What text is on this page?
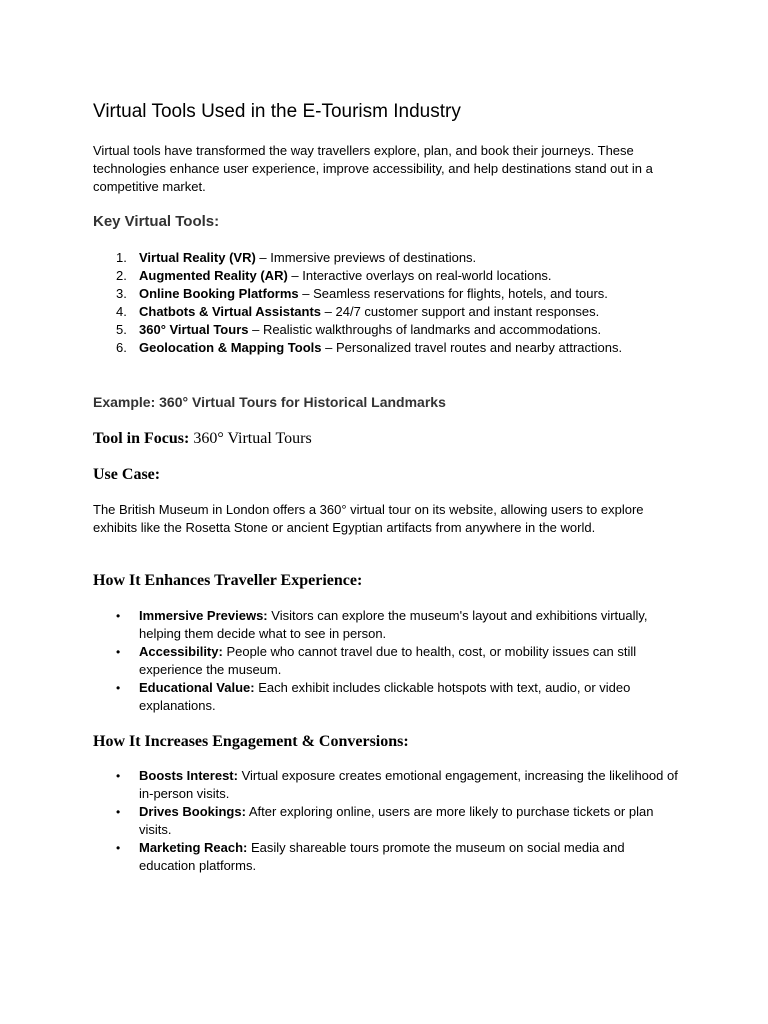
Virtual Tools Used in the E-Tourism Industry

Virtual tools have transformed the way travellers explore, plan, and book their journeys. These technologies enhance user experience, improve accessibility, and help destinations stand out in a competitive market.

Key Virtual Tools:
1. Virtual Reality (VR) – Immersive previews of destinations.
2. Augmented Reality (AR) – Interactive overlays on real-world locations.
3. Online Booking Platforms – Seamless reservations for flights, hotels, and tours.
4. Chatbots & Virtual Assistants – 24/7 customer support and instant responses.
5. 360° Virtual Tours – Realistic walkthroughs of landmarks and accommodations.
6. Geolocation & Mapping Tools – Personalized travel routes and nearby attractions.
Example: 360° Virtual Tours for Historical Landmarks
Tool in Focus: 360° Virtual Tours
Use Case:

The British Museum in London offers a 360° virtual tour on its website, allowing users to explore exhibits like the Rosetta Stone or ancient Egyptian artifacts from anywhere in the world.

How It Enhances Traveller Experience:
• Immersive Previews: Visitors can explore the museum's layout and exhibitions virtually, helping them decide what to see in person.
• Accessibility: People who cannot travel due to health, cost, or mobility issues can still experience the museum.
• Educational Value: Each exhibit includes clickable hotspots with text, audio, or video explanations.
How It Increases Engagement & Conversions:
• Boosts Interest: Virtual exposure creates emotional engagement, increasing the likelihood of in-person visits.
• Drives Bookings: After exploring online, users are more likely to purchase tickets or plan visits.
• Marketing Reach: Easily shareable tours promote the museum on social media and education platforms.
